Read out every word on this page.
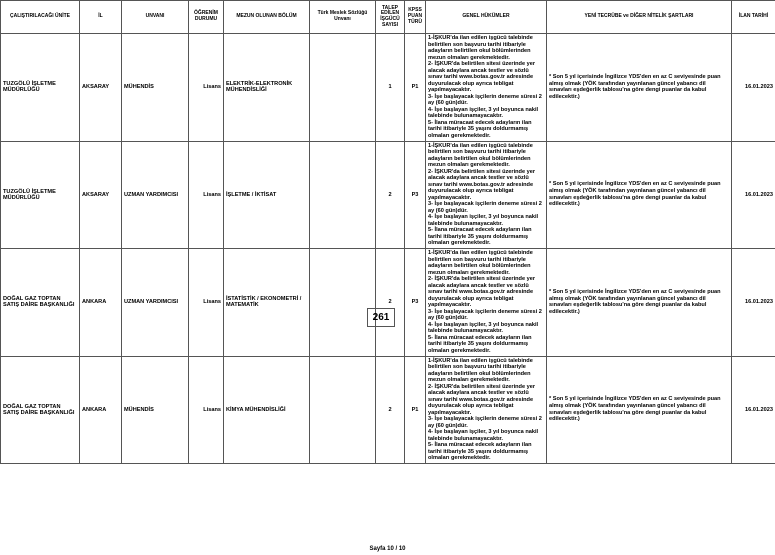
ÇALIŞTIRILACAĞI ÜNİTE	İL	UNVANI	ÖĞRENİM DURUMU	MEZUN OLUNAN BÖLÜM	Türk Meslek Sözlüğü Unvanı	TALEP EDİLEN İŞGÜCÜ SAYISI	KPSS PUAN TÜRÜ	GENEL HÜKÜMLER	YENİ TECRÜBE ve DİĞER NİTELİK ŞARTLARI	İLAN TARİHİ
TUZGÖLÜ İŞLETME MÜDÜRLÜĞÜ	AKSARAY	MÜHENDİS	Lisans	ELEKTRİK-ELEKTRONİK MÜHENDİSLİĞİ		1	P1	1-İŞKUR'da ilan edilen işgücü talebinde belirtilen son başvuru tarihi itibariyle adayların belirtilen okul bölümlerinden mezun olmaları gerekmektedir.

2- İŞKUR'da belirtilen sitesi üzerinde yer alacak adaylara ancak testler ve sözlü sınav tarihi www.botas.gov.tr adresinde duyurulacak olup ayrıca tebligat yapılmayacaktır.

3- İşe başlayacak işçilerin deneme süresi 2 ay (60 gün)dür.

4- İşe başlayan işçiler, 3 yıl boyunca nakil talebinde bulunamayacaktır.

5- İlana müracaat edecek adayların ilan tarihi itibariyle 35 yaşını doldurmamış olmaları gerekmektedir.	* Son 5 yıl içerisinde İngilizce YDS'den en az C seviyesinde puan almış olmak (YÖK tarafından yayınlanan güncel yabancı dil sınavları eşdeğerlik tablosu'na göre dengi puanlar da kabul edilecektir.)	16.01.2023
TUZGÖLÜ İŞLETME MÜDÜRLÜĞÜ	AKSARAY	UZMAN YARDIMCISI	Lisans	İŞLETME / İKTİSAT		2	P3	1-İŞKUR'da ilan edilen işgücü talebinde belirtilen son başvuru tarihi itibariyle adayların belirtilen okul bölümlerinden mezun olmaları gerekmektedir.

2- İŞKUR'da belirtilen sitesi üzerinde yer alacak adaylara ancak testler ve sözlü sınav tarihi www.botas.gov.tr adresinde duyurulacak olup ayrıca tebligat yapılmayacaktır.

3- İşe başlayacak işçilerin deneme süresi 2 ay (60 gün)dür.

4- İşe başlayan işçiler, 3 yıl boyunca nakil talebinde bulunamayacaktır.

5- İlana müracaat edecek adayların ilan tarihi itibariyle 35 yaşını doldurmamış olmaları gerekmektedir.	* Son 5 yıl içerisinde İngilizce YDS'den en az C seviyesinde puan almış olmak (YÖK tarafından yayınlanan güncel yabancı dil sınavları eşdeğerlik tablosu'na göre dengi puanlar da kabul edilecektir.)	16.01.2023
DOĞAL GAZ TOPTAN SATIŞ DAİRE BAŞKANLIĞI	ANKARA	UZMAN YARDIMCISI	Lisans	İSTATİSTİK / EKONOMETRİ / MATEMATİK		2	P3	1-İŞKUR'da ilan edilen işgücü talebinde belirtilen son başvuru tarihi itibariyle adayların belirtilen okul bölümlerinden mezun olmaları gerekmektedir.

2- İŞKUR'da belirtilen sitesi üzerinde yer alacak adaylara ancak testler ve sözlü sınav tarihi www.botas.gov.tr adresinde duyurulacak olup ayrıca tebligat yapılmayacaktır.

3- İşe başlayacak işçilerin deneme süresi 2 ay (60 gün)dür.

4- İşe başlayan işçiler, 3 yıl boyunca nakil talebinde bulunamayacaktır.

5- İlana müracaat edecek adayların ilan tarihi itibariyle 35 yaşını doldurmamış olmaları gerekmektedir.	* Son 5 yıl içerisinde İngilizce YDS'den en az C seviyesinde puan almış olmak (YÖK tarafından yayınlanan güncel yabancı dil sınavları eşdeğerlik tablosu'na göre dengi puanlar da kabul edilecektir.)	16.01.2023
DOĞAL GAZ TOPTAN SATIŞ DAİRE BAŞKANLIĞI	ANKARA	MÜHENDİS	Lisans	KİMYA MÜHENDİSLİĞİ		2	P1	1-İŞKUR'da ilan edilen işgücü talebinde belirtilen son başvuru tarihi itibariyle adayların belirtilen okul bölümlerinden mezun olmaları gerekmektedir.

2- İŞKUR'da belirtilen sitesi üzerinde yer alacak adaylara ancak testler ve sözlü sınav tarihi www.botas.gov.tr adresinde duyurulacak olup ayrıca tebligat yapılmayacaktır.

3- İşe başlayacak işçilerin deneme süresi 2 ay (60 gün)dür.

4- İşe başlayan işçiler, 3 yıl boyunca nakil talebinde bulunamayacaktır.

5- İlana müracaat edecek adayların ilan tarihi itibariyle 35 yaşını doldurmamış olmaları gerekmektedir.	* Son 5 yıl içerisinde İngilizce YDS'den en az C seviyesinde puan almış olmak (YÖK tarafından yayınlanan güncel yabancı dil sınavları eşdeğerlik tablosu'na göre dengi puanlar da kabul edilecektir.)	16.01.2023
261
Sayfa 10 / 10
